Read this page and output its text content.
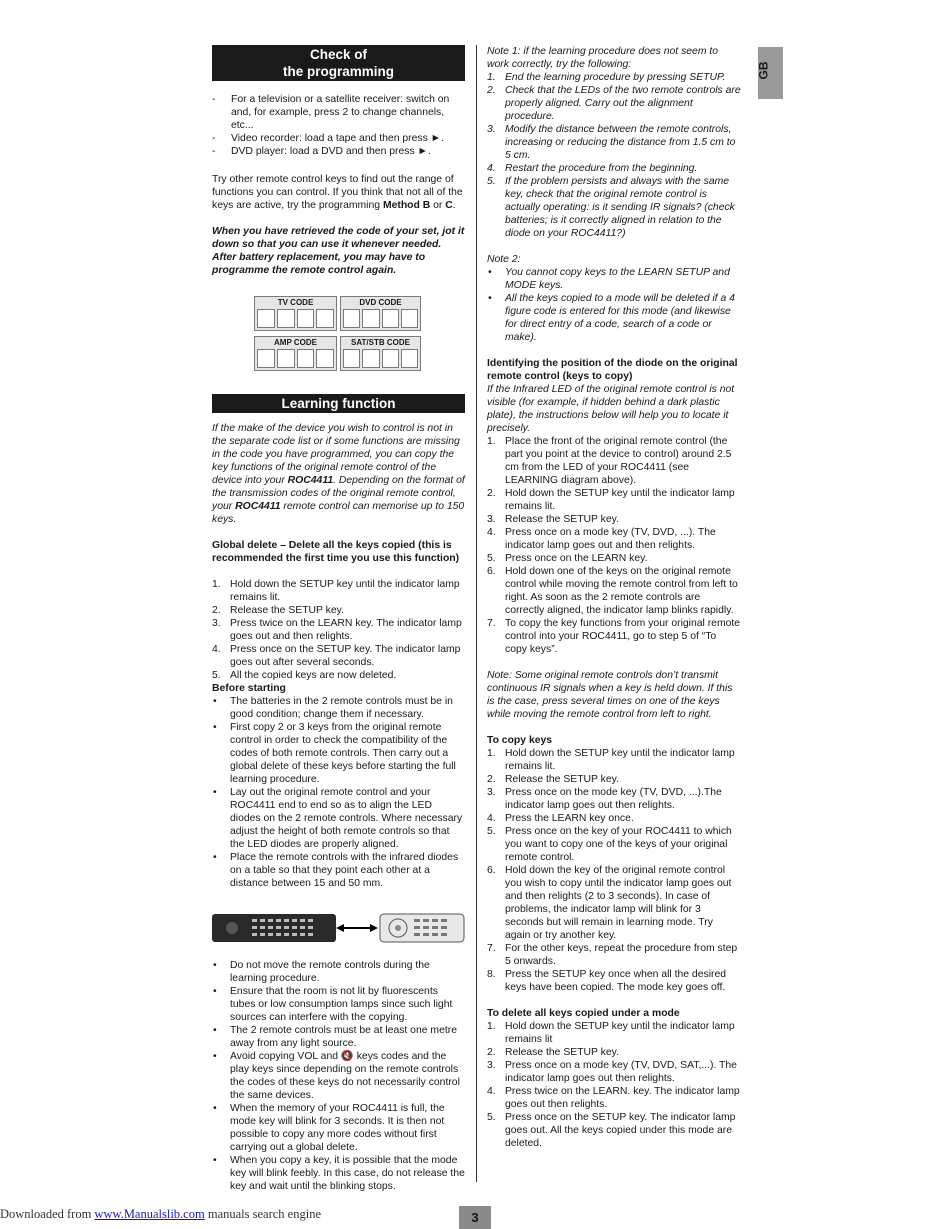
GB
Check of
the programming
- For a television or a satellite receiver: switch on and, for example, press 2 to change channels, etc...
- Video recorder: load a tape and then press ►.
- DVD player: load a DVD and then press ►.

Try other remote control keys to find out the range of functions you can control. If you think that not all of the keys are active, try the programming Method B or C.

When you have retrieved the code of your set, jot it down so that you can use it whenever needed.

After battery replacement, you may have to programme the remote control again.

TV CODE	DVD CODE
AMP CODE	SAT/STB CODE
Learning function

If the make of the device you wish to control is not in the separate code list or if some functions are missing in the code you have programmed, you can copy the key functions of the original remote control of the device into your ROC4411. Depending on the format of the transmission codes of the original remote control, your ROC4411 remote control can memorise up to 150 keys.

Global delete – Delete all the keys copied (this is recommended the first time you use this function)

1. Hold down the SETUP key until the indicator lamp remains lit.
2. Release the SETUP key.
3. Press twice on the LEARN key. The indicator lamp goes out and then relights.
4. Press once on the SETUP key. The indicator lamp goes out after several seconds.
5. All the copied keys are now deleted.

Before starting

• The batteries in the 2 remote controls must be in good condition; change them if necessary.
• First copy 2 or 3 keys from the original remote control in order to check the compatibility of the codes of both remote controls. Then carry out a global delete of these keys before starting the full learning procedure.
• Lay out the original remote control and your ROC4411 end to end so as to align the LED diodes on the 2 remote controls. Where necessary adjust the height of both remote controls so that the LED diodes are properly aligned.
• Place the remote controls with the infrared diodes on a table so that they point each other at a distance between 15 and 50 mm.
• Do not move the remote controls during the learning procedure.
• Ensure that the room is not lit by fluorescents tubes or low consumption lamps since such light sources can interfere with the copying.
• The 2 remote controls must be at least one metre away from any light source.
• Avoid copying VOL and 🔇 keys codes and the play keys since depending on the remote controls the codes of these keys do not necessarily control the same devices.
• When the memory of your ROC4411 is full, the mode key will blink for 3 seconds. It is then not possible to copy any more codes without first carrying out a global delete.
• When you copy a key, it is possible that the mode key will blink feebly. In this case, do not release the key and wait until the blinking stops.

Note 1: if the learning procedure does not seem to work correctly, try the following:

1. End the learning procedure by pressing SETUP.
2. Check that the LEDs of the two remote controls are properly aligned. Carry out the alignment procedure.
3. Modify the distance between the remote controls, increasing or reducing the distance from 1.5 cm to 5 cm.
4. Restart the procedure from the beginning.
5. If the problem persists and always with the same key, check that the original remote control is actually operating: is it sending IR signals? (check batteries; is it correctly aligned in relation to the diode on your ROC4411?)

Note 2:

• You cannot copy keys to the LEARN SETUP and MODE keys.
• All the keys copied to a mode will be deleted if a 4 figure code is entered for this mode (and likewise for direct entry of a code, search of a code or make).

Identifying the position of the diode on the original remote control (keys to copy)

If the Infrared LED of the original remote control is not visible (for example, if hidden behind a dark plastic plate), the instructions below will help you to locate it precisely.

1. Place the front of the original remote control (the part you point at the device to control) around 2.5 cm from the LED of your ROC4411 (see LEARNING diagram above).
2. Hold down the SETUP key until the indicator lamp remains lit.
3. Release the SETUP key.
4. Press once on a mode key (TV, DVD, ...). The indicator lamp goes out and then relights.
5. Press once on the LEARN key.
6. Hold down one of the keys on the original remote control while moving the remote control from left to right. As soon as the 2 remote controls are correctly aligned, the indicator lamp blinks rapidly.
7. To copy the key functions from your original remote control into your ROC4411, go to step 5 of “To copy keys”.

Note: Some original remote controls don’t transmit continuous IR signals when a key is held down. If this is the case, press several times on one of the keys while moving the remote control from left to right.

To copy keys

1. Hold down the SETUP key until the indicator lamp remains lit.
2. Release the SETUP key.
3. Press once on the mode key (TV, DVD, ...).The indicator lamp goes out then relights.
4. Press the LEARN key once.
5. Press once on the key of your ROC4411 to which you want to copy one of the keys of your original remote control.
6. Hold down the key of the original remote control you wish to copy until the indicator lamp goes out and then relights (2 to 3 seconds). In case of problems, the indicator lamp will blink for 3 seconds but will remain in learning mode. Try again or try another key.
7. For the other keys, repeat the procedure from step 5 onwards.
8. Press the SETUP key once when all the desired keys have been copied. The mode key goes off.

To delete all keys copied under a mode

1. Hold down the SETUP key until the indicator lamp remains lit
2. Release the SETUP key.
3. Press once on a mode key (TV, DVD, SAT,...). The indicator lamp goes out then relights.
4. Press twice on the LEARN. key. The indicator lamp goes out then relights.
5. Press once on the SETUP key. The indicator lamp goes out. All the keys copied under this mode are deleted.
Downloaded from www.Manualslib.com manuals search engine	3
